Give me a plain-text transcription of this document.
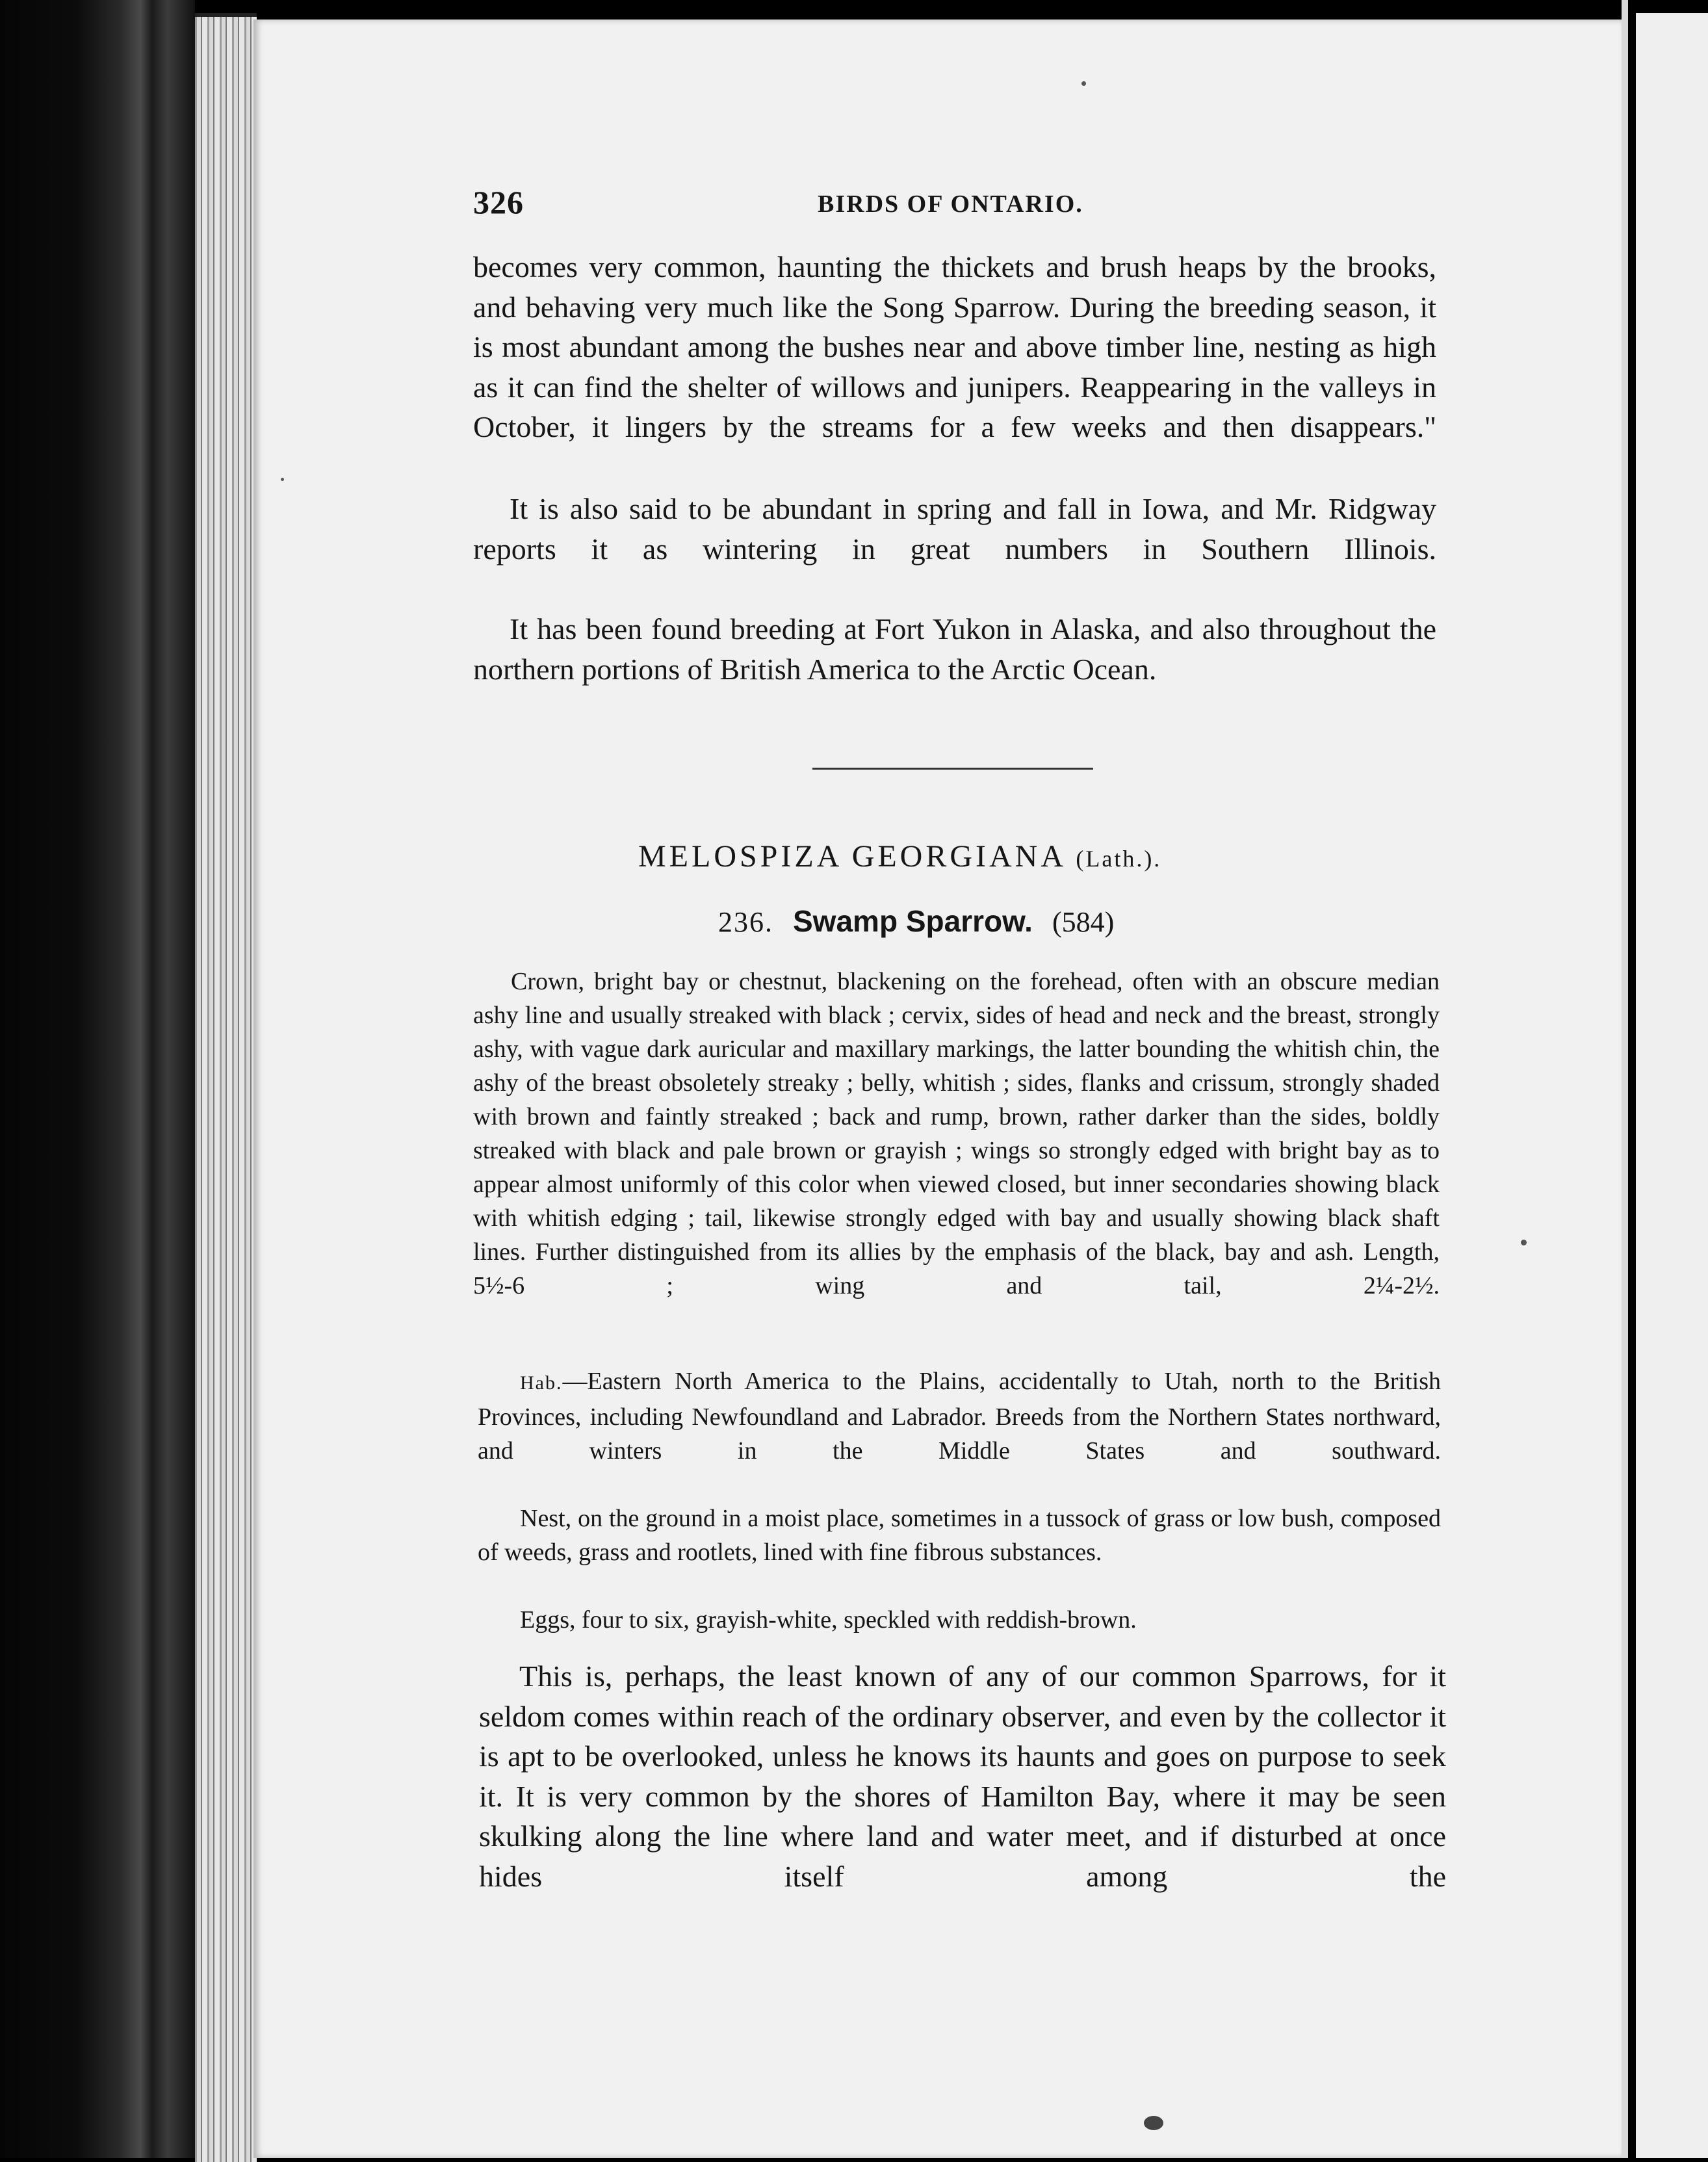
326	BIRDS OF ONTARIO.

becomes very common, haunting the thickets and brush heaps by the brooks, and behaving very much like the Song Sparrow. During the breeding season, it is most abundant among the bushes near and above timber line, nesting as high as it can find the shelter of willows and junipers. Reappearing in the valleys in October, it lingers by the streams for a few weeks and then disappears."

It is also said to be abundant in spring and fall in Iowa, and Mr. Ridgway reports it as wintering in great numbers in Southern Illinois.

It has been found breeding at Fort Yukon in Alaska, and also throughout the northern portions of British America to the Arctic Ocean.

MELOSPIZA GEORGIANA (Lath.).
236. Swamp Sparrow. (584)

Crown, bright bay or chestnut, blackening on the forehead, often with an obscure median ashy line and usually streaked with black ; cervix, sides of head and neck and the breast, strongly ashy, with vague dark auricular and maxillary markings, the latter bounding the whitish chin, the ashy of the breast obsoletely streaky ; belly, whitish ; sides, flanks and crissum, strongly shaded with brown and faintly streaked ; back and rump, brown, rather darker than the sides, boldly streaked with black and pale brown or grayish ; wings so strongly edged with bright bay as to appear almost uniformly of this color when viewed closed, but inner secondaries showing black with whitish edging ; tail, likewise strongly edged with bay and usually showing black shaft lines. Further distinguished from its allies by the emphasis of the black, bay and ash. Length, 5½-6 ; wing and tail, 2¼-2½.

Hab.—Eastern North America to the Plains, accidentally to Utah, north to the British Provinces, including Newfoundland and Labrador. Breeds from the Northern States northward, and winters in the Middle States and southward.

Nest, on the ground in a moist place, sometimes in a tussock of grass or low bush, composed of weeds, grass and rootlets, lined with fine fibrous substances.

Eggs, four to six, grayish-white, speckled with reddish-brown.

This is, perhaps, the least known of any of our common Sparrows, for it seldom comes within reach of the ordinary observer, and even by the collector it is apt to be overlooked, unless he knows its haunts and goes on purpose to seek it. It is very common by the shores of Hamilton Bay, where it may be seen skulking along the line where land and water meet, and if disturbed at once hides itself among the
